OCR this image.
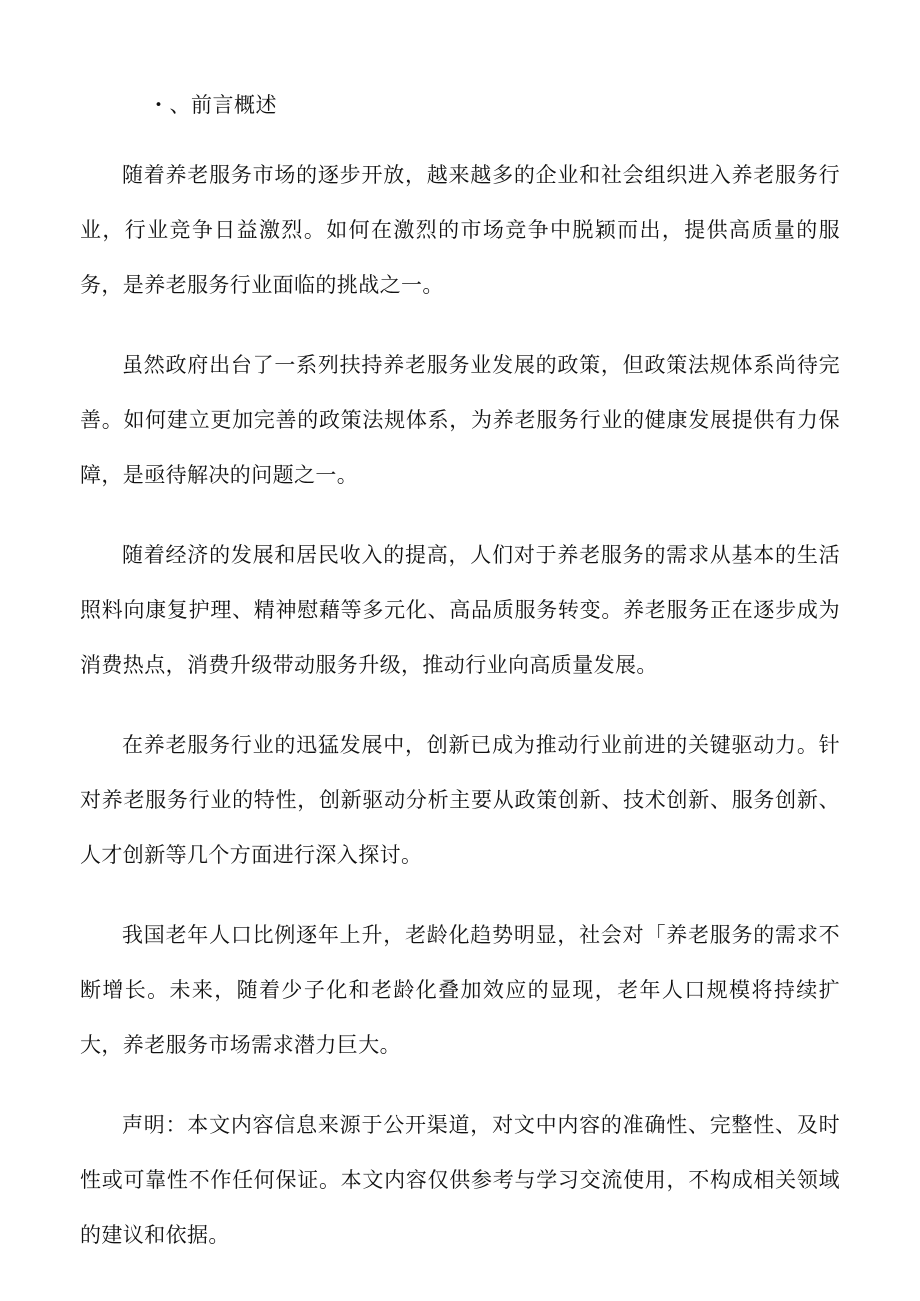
・、前言概述

随着养老服务市场的逐步开放，越来越多的企业和社会组织进入养老服务行业，行业竞争日益激烈。如何在激烈的市场竞争中脱颖而出，提供高质量的服务，是养老服务行业面临的挑战之一。

虽然政府出台了一系列扶持养老服务业发展的政策，但政策法规体系尚待完善。如何建立更加完善的政策法规体系，为养老服务行业的健康发展提供有力保障，是亟待解决的问题之一。

随着经济的发展和居民收入的提高，人们对于养老服务的需求从基本的生活照料向康复护理、精神慰藉等多元化、高品质服务转变。养老服务正在逐步成为消费热点，消费升级带动服务升级，推动行业向高质量发展。

在养老服务行业的迅猛发展中，创新已成为推动行业前进的关键驱动力。针对养老服务行业的特性，创新驱动分析主要从政策创新、技术创新、服务创新、人才创新等几个方面进行深入探讨。

我国老年人口比例逐年上升，老龄化趋势明显，社会对「养老服务的需求不断增长。未来，随着少子化和老龄化叠加效应的显现，老年人口规模将持续扩大，养老服务市场需求潜力巨大。

声明：本文内容信息来源于公开渠道，对文中内容的准确性、完整性、及时性或可靠性不作任何保证。本文内容仅供参考与学习交流使用，不构成相关领域的建议和依据。
